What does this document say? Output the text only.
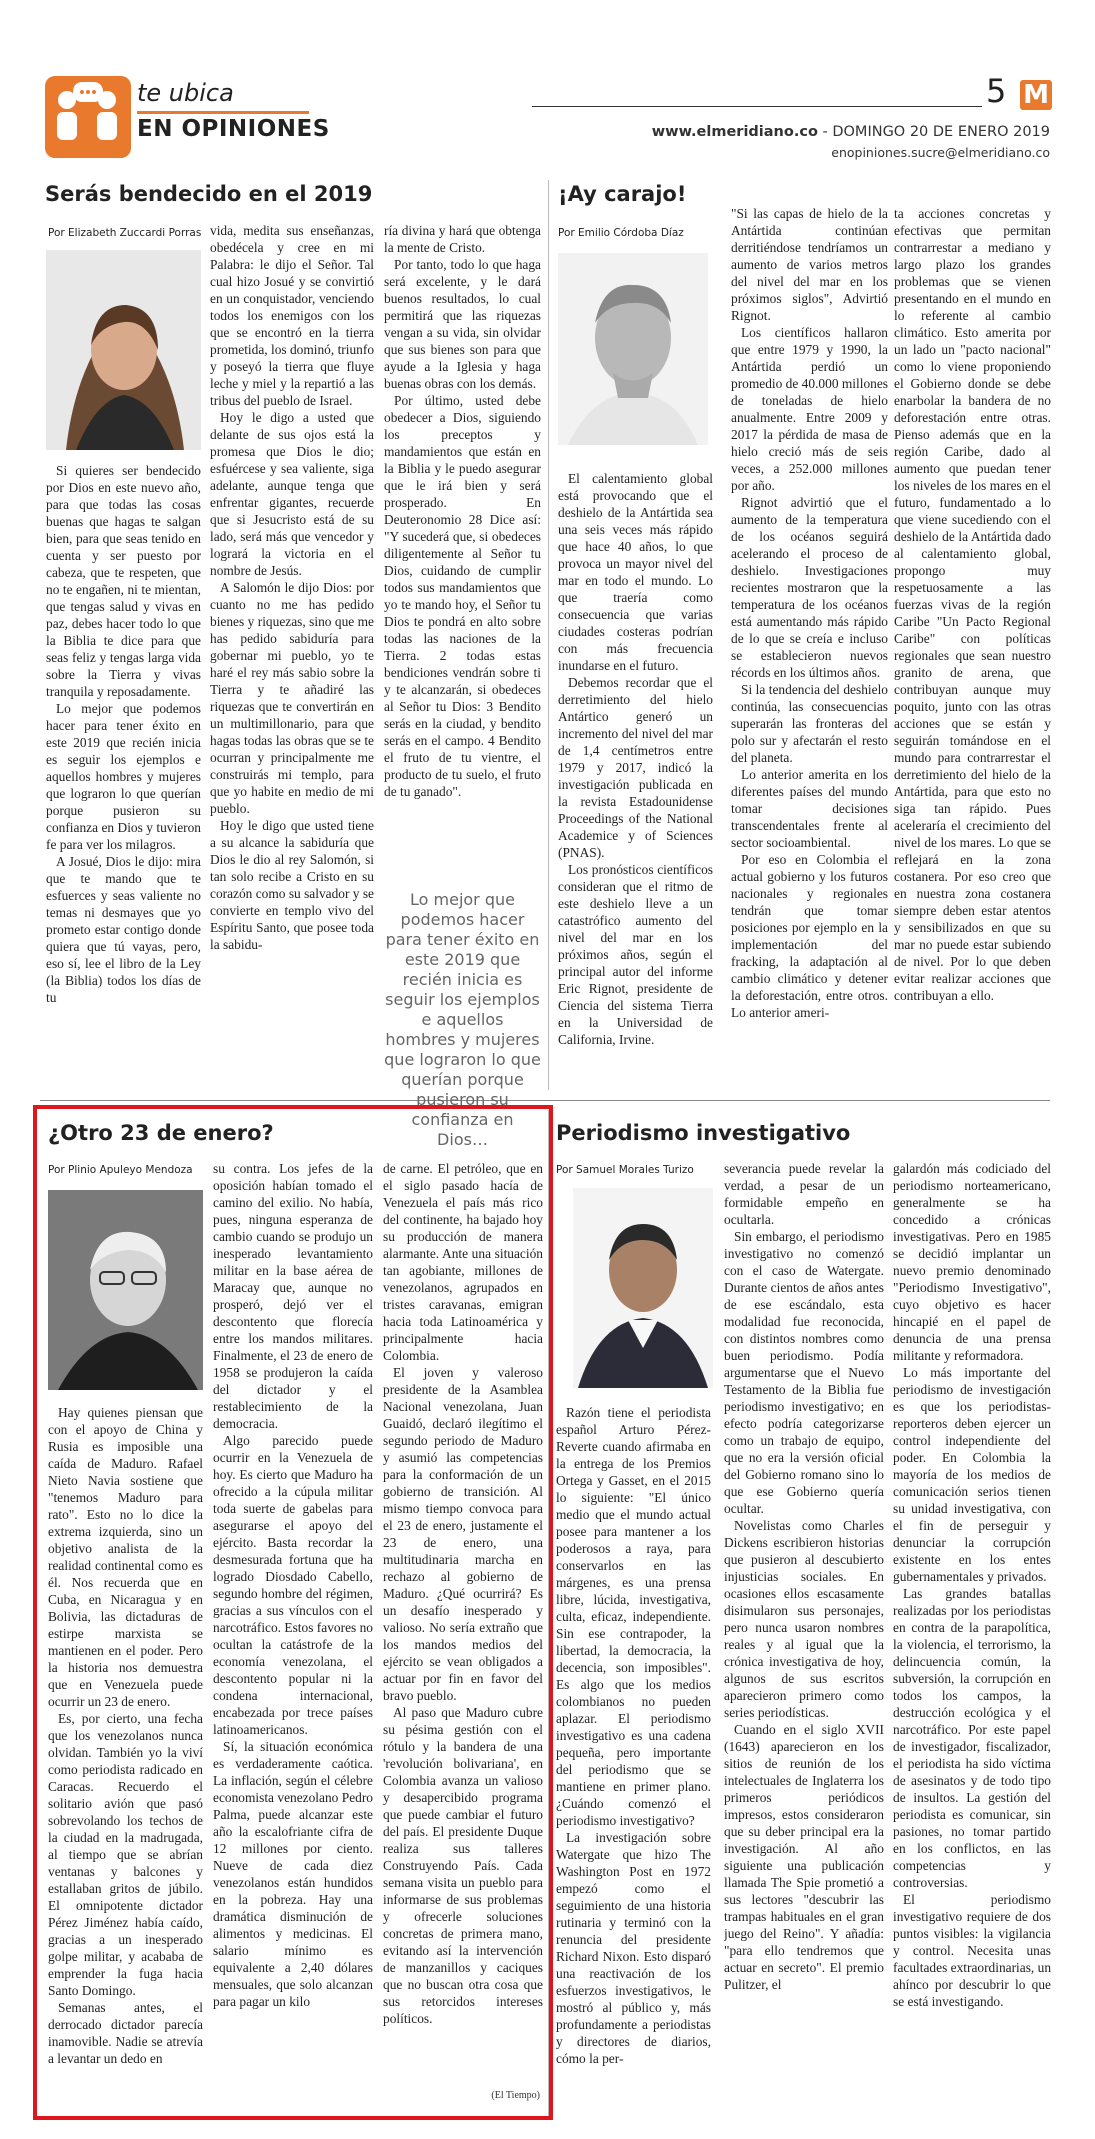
te ubica
EN OPINIONES
5 M
www.elmeridiano.co - DOMINGO 20 DE ENERO 2019
enopiniones.sucre@elmeridiano.co
Serás bendecido en el 2019
Por Elizabeth Zuccardi Porras

Si quieres ser bendecido por Dios en este nuevo año, para que todas las cosas buenas que hagas te salgan bien, para que seas tenido en cuenta y ser puesto por cabeza, que te respeten, que no te engañen, ni te mientan, que tengas salud y vivas en paz, debes hacer todo lo que la Biblia te dice para que seas feliz y tengas larga vida sobre la Tierra y vivas tranquila y reposadamente.

Lo mejor que podemos hacer para tener éxito en este 2019 que recién inicia es seguir los ejemplos e aquellos hombres y mujeres que lograron lo que querían porque pusieron su confianza en Dios y tuvieron fe para ver los milagros.

A Josué, Dios le dijo: mira que te mando que te esfuerces y seas valiente no temas ni desmayes que yo prometo estar contigo donde quiera que tú vayas, pero, eso sí, lee el libro de la Ley (la Biblia) todos los días de tu

vida, medita sus enseñanzas, obedécela y cree en mi Palabra: le dijo el Señor. Tal cual hizo Josué y se convirtió en un conquistador, venciendo todos los enemigos con los que se encontró en la tierra prometida, los dominó, triunfo y poseyó la tierra que fluye leche y miel y la repartió a las tribus del pueblo de Israel.

Hoy le digo a usted que delante de sus ojos está la promesa que Dios le dio; esfuércese y sea valiente, siga adelante, aunque tenga que enfrentar gigantes, recuerde que si Jesucristo está de su lado, será más que vencedor y logrará la victoria en el nombre de Jesús.

A Salomón le dijo Dios: por cuanto no me has pedido bienes y riquezas, sino que me has pedido sabiduría para gobernar mi pueblo, yo te haré el rey más sabio sobre la Tierra y te añadiré las riquezas que te convertirán en un multimillonario, para que hagas todas las obras que se te ocurran y principalmente me construirás mi templo, para que yo habite en medio de mi pueblo.

Hoy le digo que usted tiene a su alcance la sabiduría que Dios le dio al rey Salomón, si tan solo recibe a Cristo en su corazón como su salvador y se convierte en templo vivo del Espíritu Santo, que posee toda la sabidu-

ría divina y hará que obtenga la mente de Cristo.

Por tanto, todo lo que haga será excelente, y le dará buenos resultados, lo cual permitirá que las riquezas vengan a su vida, sin olvidar que sus bienes son para que ayude a la Iglesia y haga buenas obras con los demás.

Por último, usted debe obedecer a Dios, siguiendo los preceptos y mandamientos que están en la Biblia y le puedo asegurar que le irá bien y será prosperado. En Deuteronomio 28 Dice así: "Y sucederá que, si obedeces diligentemente al Señor tu Dios, cuidando de cumplir todos sus mandamientos que yo te mando hoy, el Señor tu Dios te pondrá en alto sobre todas las naciones de la Tierra. 2 todas estas bendiciones vendrán sobre ti y te alcanzarán, si obedeces al Señor tu Dios: 3 Bendito serás en la ciudad, y bendito serás en el campo. 4 Bendito el fruto de tu vientre, el producto de tu suelo, el fruto de tu ganado".

Lo mejor que podemos hacer para tener éxito en este 2019 que recién inicia es seguir los ejemplos e aquellos hombres y mujeres que lograron lo que querían porque pusieron su confianza en Dios…
¡Ay carajo!
Por Emilio Córdoba Díaz

El calentamiento global está provocando que el deshielo de la Antártida sea una seis veces más rápido que hace 40 años, lo que provoca un mayor nivel del mar en todo el mundo. Lo que traería como consecuencia que varias ciudades costeras podrían con más frecuencia inundarse en el futuro.

Debemos recordar que el derretimiento del hielo Antártico generó un incremento del nivel del mar de 1,4 centímetros entre 1979 y 2017, indicó la investigación publicada en la revista Estadounidense Proceedings of the National Academice y of Sciences (PNAS).

Los pronósticos científicos consideran que el ritmo de este deshielo lleve a un catastrófico aumento del nivel del mar en los próximos años, según el principal autor del informe Eric Rignot, presidente de Ciencia del sistema Tierra en la Universidad de California, Irvine.

"Si las capas de hielo de la Antártida continúan derritiéndose tendríamos un aumento de varios metros del nivel del mar en los próximos siglos", Advirtió Rignot.

Los científicos hallaron que entre 1979 y 1990, la Antártida perdió un promedio de 40.000 millones de toneladas de hielo anualmente. Entre 2009 y 2017 la pérdida de masa de hielo creció más de seis veces, a 252.000 millones por año.

Rignot advirtió que el aumento de la temperatura de los océanos seguirá acelerando el proceso de deshielo. Investigaciones recientes mostraron que la temperatura de los océanos está aumentando más rápido de lo que se creía e incluso se establecieron nuevos récords en los últimos años.

Si la tendencia del deshielo continúa, las consecuencias superarán las fronteras del polo sur y afectarán el resto del planeta.

Lo anterior amerita en los diferentes países del mundo tomar decisiones transcendentales frente al sector socioambiental.

Por eso en Colombia el actual gobierno y los futuros nacionales y regionales tendrán que tomar posiciones por ejemplo en la implementación del fracking, la adaptación al cambio climático y detener la deforestación, entre otros. Lo anterior ameri-

ta acciones concretas y efectivas que permitan contrarrestar a mediano y largo plazo los grandes problemas que se vienen presentando en el mundo en lo referente al cambio climático. Esto amerita por un lado un "pacto nacional" como lo viene proponiendo el Gobierno donde se debe enarbolar la bandera de no deforestación entre otras. Pienso además que en la región Caribe, dado al aumento que puedan tener los niveles de los mares en el futuro, fundamentado a lo que viene sucediendo con el deshielo de la Antártida dado al calentamiento global, propongo muy respetuosamente a las fuerzas vivas de la región Caribe "Un Pacto Regional Caribe" con políticas regionales que sean nuestro granito de arena, que contribuyan aunque muy poquito, junto con las otras acciones que se están y seguirán tomándose en el mundo para contrarrestar el derretimiento del hielo de la Antártida, para que esto no siga tan rápido. Pues aceleraría el crecimiento del nivel de los mares. Lo que se reflejará en la zona costanera. Por eso creo que en nuestra zona costanera siempre deben estar atentos y sensibilizados en que su mar no puede estar subiendo de nivel. Por lo que deben evitar realizar acciones que contribuyan a ello.

¿Otro 23 de enero?
Por Plinio Apuleyo Mendoza

Hay quienes piensan que con el apoyo de China y Rusia es imposible una caída de Maduro. Rafael Nieto Navia sostiene que "tenemos Maduro para rato". Esto no lo dice la extrema izquierda, sino un objetivo analista de la realidad continental como es él. Nos recuerda que en Cuba, en Nicaragua y en Bolivia, las dictaduras de estirpe marxista se mantienen en el poder. Pero la historia nos demuestra que en Venezuela puede ocurrir un 23 de enero.

Es, por cierto, una fecha que los venezolanos nunca olvidan. También yo la viví como periodista radicado en Caracas. Recuerdo el solitario avión que pasó sobrevolando los techos de la ciudad en la madrugada, al tiempo que se abrían ventanas y balcones y estallaban gritos de júbilo. El omnipotente dictador Pérez Jiménez había caído, gracias a un inesperado golpe militar, y acababa de emprender la fuga hacia Santo Domingo.

Semanas antes, el derrocado dictador parecía inamovible. Nadie se atrevía a levantar un dedo en

su contra. Los jefes de la oposición habían tomado el camino del exilio. No había, pues, ninguna esperanza de cambio cuando se produjo un inesperado levantamiento militar en la base aérea de Maracay que, aunque no prosperó, dejó ver el descontento que florecía entre los mandos militares. Finalmente, el 23 de enero de 1958 se produjeron la caída del dictador y el restablecimiento de la democracia.

Algo parecido puede ocurrir en la Venezuela de hoy. Es cierto que Maduro ha ofrecido a la cúpula militar toda suerte de gabelas para asegurarse el apoyo del ejército. Basta recordar la desmesurada fortuna que ha logrado Diosdado Cabello, segundo hombre del régimen, gracias a sus vínculos con el narcotráfico. Estos favores no ocultan la catástrofe de la economía venezolana, el descontento popular ni la condena internacional, encabezada por trece países latinoamericanos.

Sí, la situación económica es verdaderamente caótica. La inflación, según el célebre economista venezolano Pedro Palma, puede alcanzar este año la escalofriante cifra de 12 millones por ciento. Nueve de cada diez venezolanos están hundidos en la pobreza. Hay una dramática disminución de alimentos y medicinas. El salario mínimo es equivalente a 2,40 dólares mensuales, que solo alcanzan para pagar un kilo

de carne. El petróleo, que en el siglo pasado hacía de Venezuela el país más rico del continente, ha bajado hoy su producción de manera alarmante. Ante una situación tan agobiante, millones de venezolanos, agrupados en tristes caravanas, emigran hacia toda Latinoamérica y principalmente hacia Colombia.

El joven y valeroso presidente de la Asamblea Nacional venezolana, Juan Guaidó, declaró ilegítimo el segundo periodo de Maduro y asumió las competencias para la conformación de un gobierno de transición. Al mismo tiempo convoca para el 23 de enero, justamente el 23 de enero, una multitudinaria marcha en rechazo al gobierno de Maduro. ¿Qué ocurrirá? Es un desafío inesperado y valioso. No sería extraño que los mandos medios del ejército se vean obligados a actuar por fin en favor del bravo pueblo.

Al paso que Maduro cubre su pésima gestión con el rótulo y la bandera de una 'revolución bolivariana', en Colombia avanza un valioso y desapercibido programa que puede cambiar el futuro del país. El presidente Duque realiza sus talleres Construyendo País. Cada semana visita un pueblo para informarse de sus problemas y ofrecerle soluciones concretas de primera mano, evitando así la intervención de manzanillos y caciques que no buscan otra cosa que sus retorcidos intereses políticos.

(El Tiempo)
Periodismo investigativo
Por Samuel Morales Turizo

Razón tiene el periodista español Arturo Pérez-Reverte cuando afirmaba en la entrega de los Premios Ortega y Gasset, en el 2015 lo siguiente: "El único medio que el mundo actual posee para mantener a los poderosos a raya, para conservarlos en las márgenes, es una prensa libre, lúcida, investigativa, culta, eficaz, independiente. Sin ese contrapoder, la libertad, la democracia, la decencia, son imposibles". Es algo que los medios colombianos no pueden aplazar. El periodismo investigativo es una cadena pequeña, pero importante del periodismo que se mantiene en primer plano. ¿Cuándo comenzó el periodismo investigativo?

La investigación sobre Watergate que hizo The Washington Post en 1972 empezó como el seguimiento de una historia rutinaria y terminó con la renuncia del presidente Richard Nixon. Esto disparó una reactivación de los esfuerzos investigativos, le mostró al público y, más profundamente a periodistas y directores de diarios, cómo la per-

severancia puede revelar la verdad, a pesar de un formidable empeño en ocultarla.

Sin embargo, el periodismo investigativo no comenzó con el caso de Watergate. Durante cientos de años antes de ese escándalo, esta modalidad fue reconocida, con distintos nombres como buen periodismo. Podía argumentarse que el Nuevo Testamento de la Biblia fue periodismo investigativo; en efecto podría categorizarse como un trabajo de equipo, que no era la versión oficial del Gobierno romano sino lo que ese Gobierno quería ocultar.

Novelistas como Charles Dickens escribieron historias que pusieron al descubierto injusticias sociales. En ocasiones ellos escasamente disimularon sus personajes, pero nunca usaron nombres reales y al igual que la crónica investigativa de hoy, algunos de sus escritos aparecieron primero como series periodísticas.

Cuando en el siglo XVII (1643) aparecieron en los sitios de reunión de los intelectuales de Inglaterra los primeros periódicos impresos, estos consideraron que su deber principal era la investigación. Al año siguiente una publicación llamada The Spie prometió a sus lectores "descubrir las trampas habituales en el gran juego del Reino". Y añadía: "para ello tendremos que actuar en secreto". El premio Pulitzer, el

galardón más codiciado del periodismo norteamericano, generalmente se ha concedido a crónicas investigativas. Pero en 1985 se decidió implantar un nuevo premio denominado "Periodismo Investigativo", cuyo objetivo es hacer hincapié en el papel de denuncia de una prensa militante y reformadora.

Lo más importante del periodismo de investigación es que los periodistas-reporteros deben ejercer un control independiente del poder. En Colombia la mayoría de los medios de comunicación serios tienen su unidad investigativa, con el fin de perseguir y denunciar la corrupción existente en los entes gubernamentales y privados.

Las grandes batallas realizadas por los periodistas en contra de la parapolítica, la violencia, el terrorismo, la delincuencia común, la subversión, la corrupción en todos los campos, la destrucción ecológica y el narcotráfico. Por este papel de investigador, fiscalizador, el periodista ha sido víctima de asesinatos y de todo tipo de insultos. La gestión del periodista es comunicar, sin pasiones, no tomar partido en los conflictos, en las competencias y controversias.

El periodismo investigativo requiere de dos puntos visibles: la vigilancia y control. Necesita unas facultades extraordinarias, un ahínco por descubrir lo que se está investigando.
